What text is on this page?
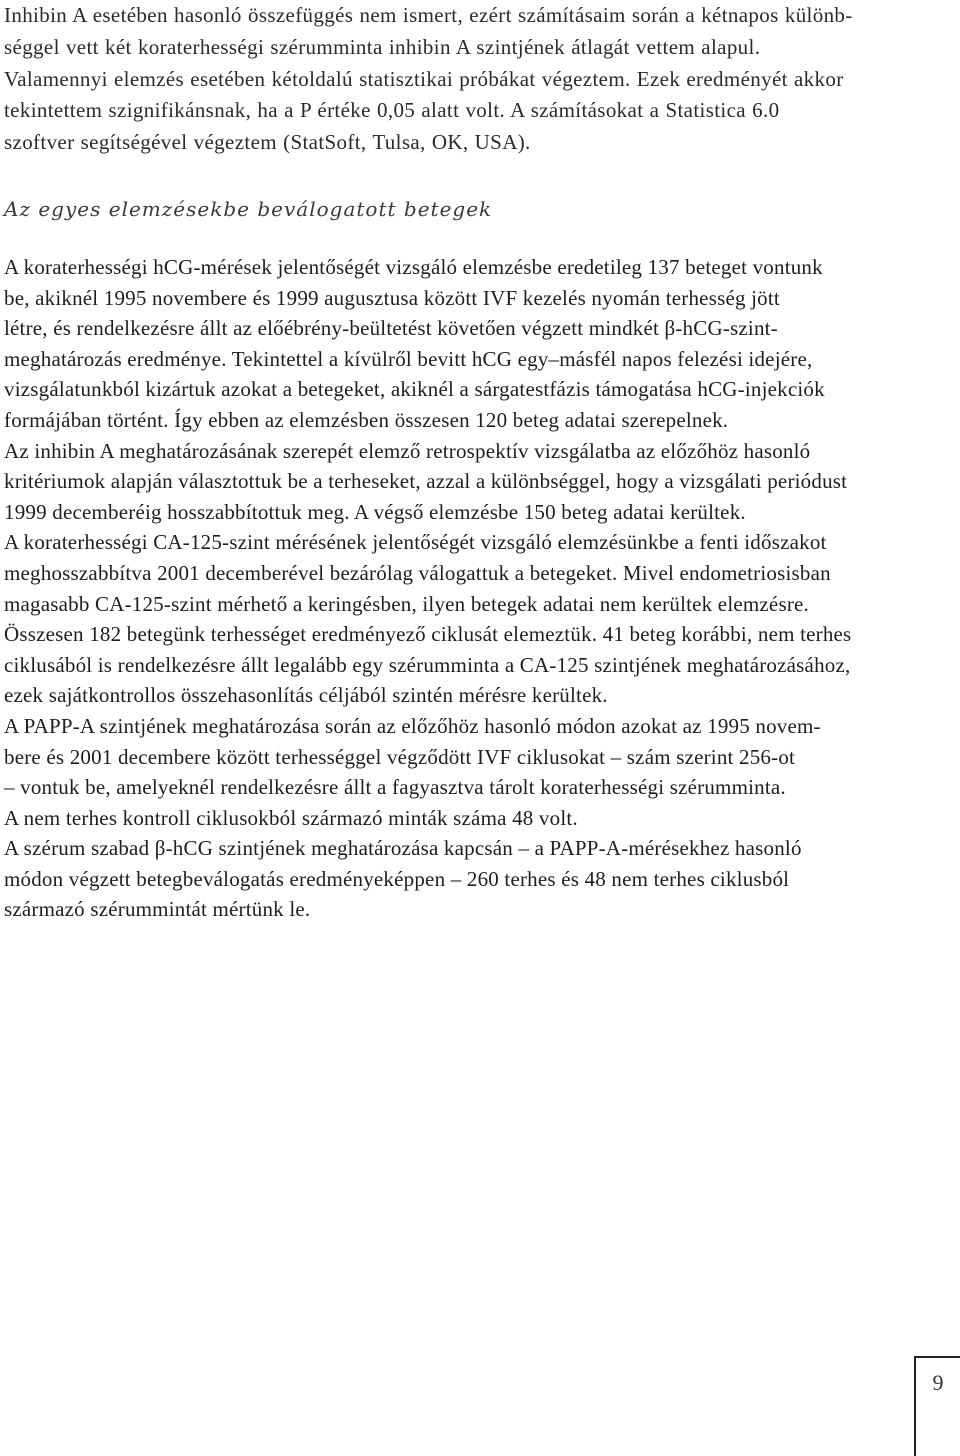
Inhibin A esetében hasonló összefüggés nem ismert, ezért számításaim során a kétnapos különb-
séggel vett két koraterhességi szérumminta inhibin A szintjének átlagát vettem alapul.
Valamennyi elemzés esetében kétoldalú statisztikai próbákat végeztem. Ezek eredményét akkor
tekintettem szignifikánsnak, ha a P értéke 0,05 alatt volt. A számításokat a Statistica 6.0
szoftver segítségével végeztem (StatSoft, Tulsa, OK, USA).
Az egyes elemzésekbe beválogatott betegek
A koraterhességi hCG-mérések jelentőségét vizsgáló elemzésbe eredetileg 137 beteget vontunk
be, akiknél 1995 novembere és 1999 augusztusa között IVF kezelés nyomán terhesség jött
létre, és rendelkezésre állt az előébrény-beültetést követően végzett mindkét β-hCG-szint-
meghatározás eredménye. Tekintettel a kívülről bevitt hCG egy–másfél napos felezési idejére,
vizsgálatunkból kizártuk azokat a betegeket, akiknél a sárgatestfázis támogatása hCG-injekciók
formájában történt. Így ebben az elemzésben összesen 120 beteg adatai szerepelnek.
Az inhibin A meghatározásának szerepét elemző retrospektív vizsgálatba az előzőhöz hasonló
kritériumok alapján választottuk be a terheseket, azzal a különbséggel, hogy a vizsgálati periódust
1999 decemberéig hosszabbítottuk meg. A végső elemzésbe 150 beteg adatai kerültek.
A koraterhességi CA-125-szint mérésének jelentőségét vizsgáló elemzésünkbe a fenti időszakot
meghosszabbítva 2001 decemberével bezárólag válogattuk a betegeket. Mivel endometriosisban
magasabb CA-125-szint mérhető a keringésben, ilyen betegek adatai nem kerültek elemzésre.
Összesen 182 betegünk terhességet eredményező ciklusát elemeztük. 41 beteg korábbi, nem terhes
ciklusából is rendelkezésre állt legalább egy szérumminta a CA-125 szintjének meghatározásához,
ezek sajátkontrollos összehasonlítás céljából szintén mérésre kerültek.
A PAPP-A szintjének meghatározása során az előzőhöz hasonló módon azokat az 1995 novem-
bere és 2001 decembere között terhességgel végződött IVF ciklusokat – szám szerint 256-ot
– vontuk be, amelyeknél rendelkezésre állt a fagyasztva tárolt koraterhességi szérumminta.
A nem terhes kontroll ciklusokból származó minták száma 48 volt.
A szérum szabad β-hCG szintjének meghatározása kapcsán – a PAPP-A-mérésekhez hasonló
módon végzett betegbeválogatás eredményeképpen – 260 terhes és 48 nem terhes ciklusból
származó szérummintát mértünk le.
9
